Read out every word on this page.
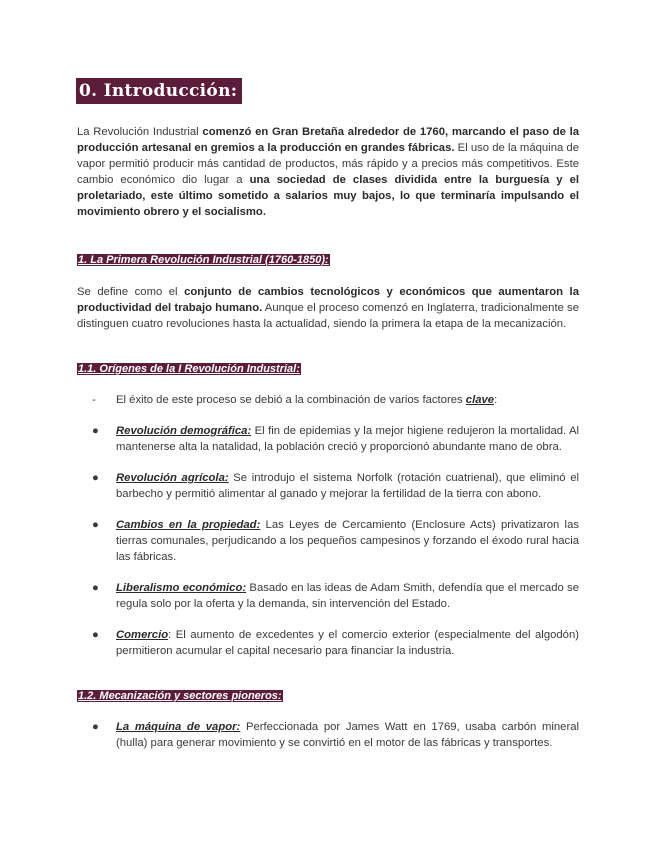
0. Introducción:

La Revolución Industrial comenzó en Gran Bretaña alrededor de 1760, marcando el paso de la producción artesanal en gremios a la producción en grandes fábricas. El uso de la máquina de vapor permitió producir más cantidad de productos, más rápido y a precios más competitivos. Este cambio económico dio lugar a una sociedad de clases dividida entre la burguesía y el proletariado, este último sometido a salarios muy bajos, lo que terminaría impulsando el movimiento obrero y el socialismo.

1. La Primera Revolución Industrial (1760-1850):

Se define como el conjunto de cambios tecnológicos y económicos que aumentaron la productividad del trabajo humano. Aunque el proceso comenzó en Inglaterra, tradicionalmente se distinguen cuatro revoluciones hasta la actualidad, siendo la primera la etapa de la mecanización.

1.1. Orígenes de la I Revolución Industrial:
-	El éxito de este proceso se debió a la combinación de varios factores clave:
● Revolución demográfica: El fin de epidemias y la mejor higiene redujeron la mortalidad. Al mantenerse alta la natalidad, la población creció y proporcionó abundante mano de obra.
● Revolución agrícola: Se introdujo el sistema Norfolk (rotación cuatrienal), que eliminó el barbecho y permitió alimentar al ganado y mejorar la fertilidad de la tierra con abono.
● Cambios en la propiedad: Las Leyes de Cercamiento (Enclosure Acts) privatizaron las tierras comunales, perjudicando a los pequeños campesinos y forzando el éxodo rural hacia las fábricas.
● Liberalismo económico: Basado en las ideas de Adam Smith, defendía que el mercado se regula solo por la oferta y la demanda, sin intervención del Estado.
● Comercio: El aumento de excedentes y el comercio exterior (especialmente del algodón) permitieron acumular el capital necesario para financiar la industria.
1.2. Mecanización y sectores pioneros:
● La máquina de vapor: Perfeccionada por James Watt en 1769, usaba carbón mineral (hulla) para generar movimiento y se convirtió en el motor de las fábricas y transportes.
